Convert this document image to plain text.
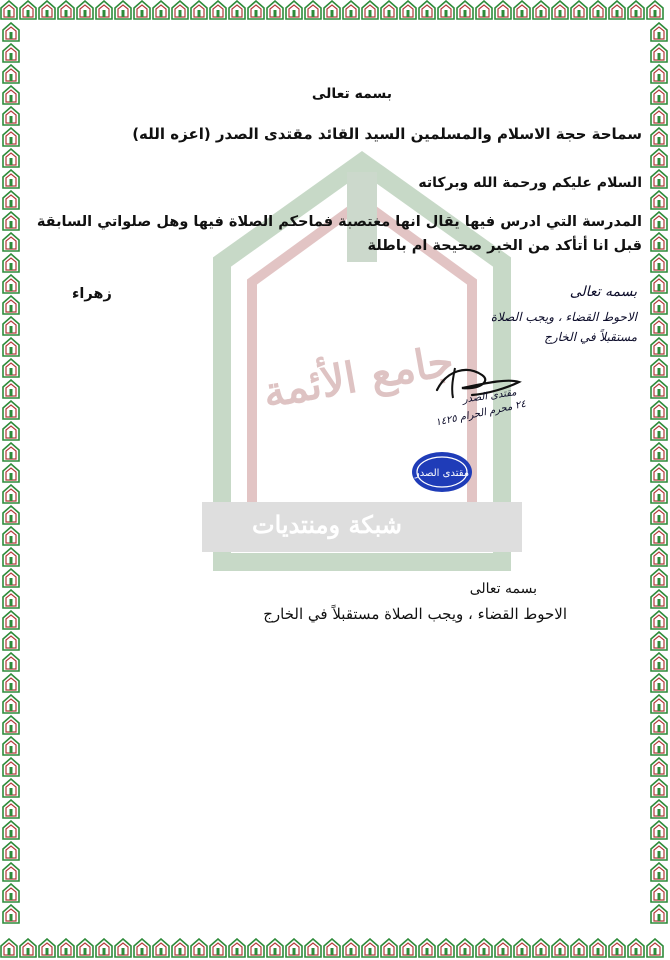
جامع الأئمة
شبكة ومنتديات
بسمه تعالى
سماحة حجة الاسلام والمسلمين السيد القائد مقتدى الصدر (اعزه الله)
السلام عليكم ورحمة الله وبركاته
المدرسة التي ادرس فيها يقال انها مغتصبة فماحكم الصلاة فيها وهل صلواتي السابقة
قبل انا أتأكد من الخبر صحيحة ام باطلة
زهراء	بسمه تعالى
الاحوط القضاء ، ويجب الصلاة
مستقبلاً في الخارج
مقتدى الصدر
٢٤ محرم الحرام ١٤٢٥
مقتدى الصدر
بسمه تعالى
الاحوط القضاء ، ويجب الصلاة مستقبلاً في الخارج
